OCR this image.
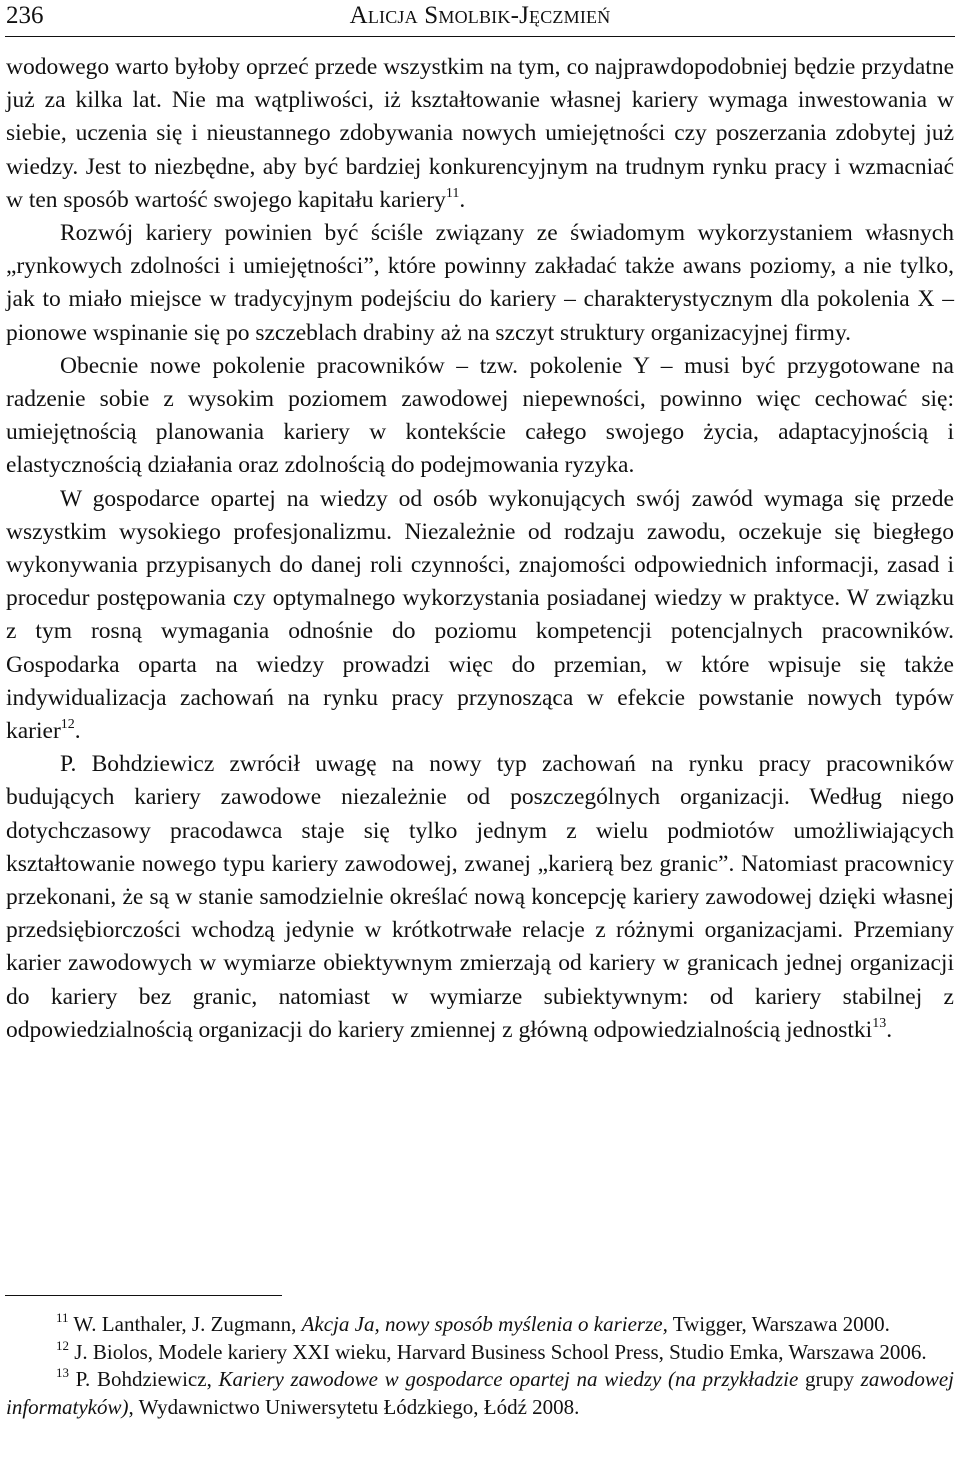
236	Alicja Smolbik-Jęczmień

wodowego warto byłoby oprzeć przede wszystkim na tym, co najprawdopodobniej będzie przydatne już za kilka lat. Nie ma wątpliwości, iż kształtowanie własnej kariery wymaga inwestowania w siebie, uczenia się i nieustannego zdobywania nowych umiejętności czy poszerzania zdobytej już wiedzy. Jest to niezbędne, aby być bardziej konkurencyjnym na trudnym rynku pracy i wzmacniać w ten sposób wartość swojego kapitału kariery$^{11}$.

Rozwój kariery powinien być ściśle związany ze świadomym wykorzystaniem własnych „rynkowych zdolności i umiejętności”, które powinny zakładać także awans poziomy, a nie tylko, jak to miało miejsce w tradycyjnym podejściu do kariery – charakterystycznym dla pokolenia X – pionowe wspinanie się po szczeblach drabiny aż na szczyt struktury organizacyjnej firmy.

Obecnie nowe pokolenie pracowników – tzw. pokolenie Y – musi być przygotowane na radzenie sobie z wysokim poziomem zawodowej niepewności, powinno więc cechować się: umiejętnością planowania kariery w kontekście całego swojego życia, adaptacyjnością i elastycznością działania oraz zdolnością do podejmowania ryzyka.

W gospodarce opartej na wiedzy od osób wykonujących swój zawód wymaga się przede wszystkim wysokiego profesjonalizmu. Niezależnie od rodzaju zawodu, oczekuje się biegłego wykonywania przypisanych do danej roli czynności, znajomości odpowiednich informacji, zasad i procedur postępowania czy optymalnego wykorzystania posiadanej wiedzy w praktyce. W związku z tym rosną wymagania odnośnie do poziomu kompetencji potencjalnych pracowników. Gospodarka oparta na wiedzy prowadzi więc do przemian, w które wpisuje się także indywidualizacja zachowań na rynku pracy przynosząca w efekcie powstanie nowych typów karier$^{12}$.

P. Bohdziewicz zwrócił uwagę na nowy typ zachowań na rynku pracy pracowników budujących kariery zawodowe niezależnie od poszczególnych organizacji. Według niego dotychczasowy pracodawca staje się tylko jednym z wielu podmiotów umożliwiających kształtowanie nowego typu kariery zawodowej, zwanej „karierą bez granic”. Natomiast pracownicy przekonani, że są w stanie samodzielnie określać nową koncepcję kariery zawodowej dzięki własnej przedsiębiorczości wchodzą jedynie w krótkotrwałe relacje z różnymi organizacjami. Przemiany karier zawodowych w wymiarze obiektywnym zmierzają od kariery w granicach jednej organizacji do kariery bez granic, natomiast w wymiarze subiektywnym: od kariery stabilnej z odpowiedzialnością organizacji do kariery zmiennej z główną odpowiedzialnością jednostki$^{13}$.

$^{11}$ W. Lanthaler, J. Zugmann, Akcja Ja, nowy sposób myślenia o karierze, Twigger, Warszawa 2000.

$^{12}$ J. Biolos, Modele kariery XXI wieku, Harvard Business School Press, Studio Emka, Warszawa 2006.

$^{13}$ P. Bohdziewicz, Kariery zawodowe w gospodarce opartej na wiedzy (na przykładzie grupy zawodowej informatyków), Wydawnictwo Uniwersytetu Łódzkiego, Łódź 2008.
